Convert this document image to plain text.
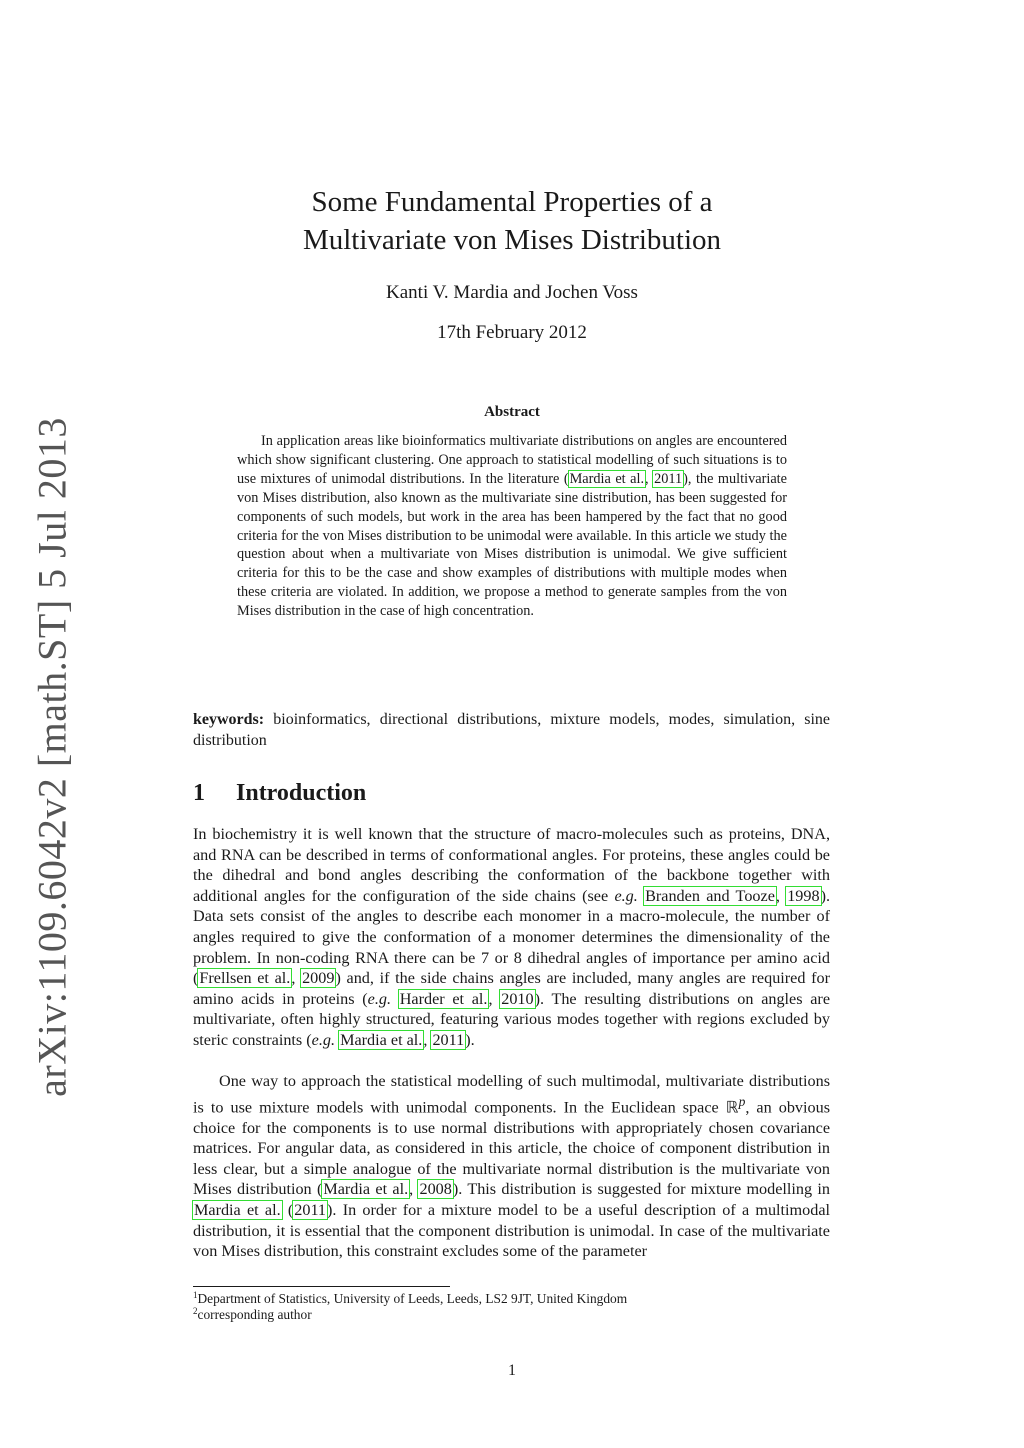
arXiv:1109.6042v2 [math.ST] 5 Jul 2013
Some Fundamental Properties of a
Multivariate von Mises Distribution
Kanti V. Mardia and Jochen Voss
17th February 2012
Abstract
In application areas like bioinformatics multivariate distributions on angles are encountered which show significant clustering. One approach to statistical modelling of such situations is to use mixtures of unimodal distributions. In the literature (Mardia et al., 2011), the multivariate von Mises distribution, also known as the multivariate sine distribution, has been suggested for components of such models, but work in the area has been hampered by the fact that no good criteria for the von Mises distribution to be unimodal were available. In this article we study the question about when a multivariate von Mises distribution is unimodal. We give sufficient criteria for this to be the case and show examples of distributions with multiple modes when these criteria are violated. In addition, we propose a method to generate samples from the von Mises distribution in the case of high concentration.
keywords: bioinformatics, directional distributions, mixture models, modes, simulation, sine distribution
1 Introduction
In biochemistry it is well known that the structure of macro-molecules such as proteins, DNA, and RNA can be described in terms of conformational angles. For proteins, these angles could be the dihedral and bond angles describing the conformation of the backbone together with additional angles for the configuration of the side chains (see e.g. Branden and Tooze, 1998). Data sets consist of the angles to describe each monomer in a macro-molecule, the number of angles required to give the conformation of a monomer determines the dimensionality of the problem. In non-coding RNA there can be 7 or 8 dihedral angles of importance per amino acid (Frellsen et al., 2009) and, if the side chains angles are included, many angles are required for amino acids in proteins (e.g. Harder et al., 2010). The resulting distributions on angles are multivariate, often highly structured, featuring various modes together with regions excluded by steric constraints (e.g. Mardia et al., 2011).
One way to approach the statistical modelling of such multimodal, multivariate distributions is to use mixture models with unimodal components. In the Euclidean space ℝ$^p$, an obvious choice for the components is to use normal distributions with appropriately chosen covariance matrices. For angular data, as considered in this article, the choice of component distribution in less clear, but a simple analogue of the multivariate normal distribution is the multivariate von Mises distribution (Mardia et al., 2008). This distribution is suggested for mixture modelling in Mardia et al. (2011). In order for a mixture model to be a useful description of a multimodal distribution, it is essential that the component distribution is unimodal. In case of the multivariate von Mises distribution, this constraint excludes some of the parameter
$^1$Department of Statistics, University of Leeds, Leeds, LS2 9JT, United Kingdom
$^2$corresponding author
1
